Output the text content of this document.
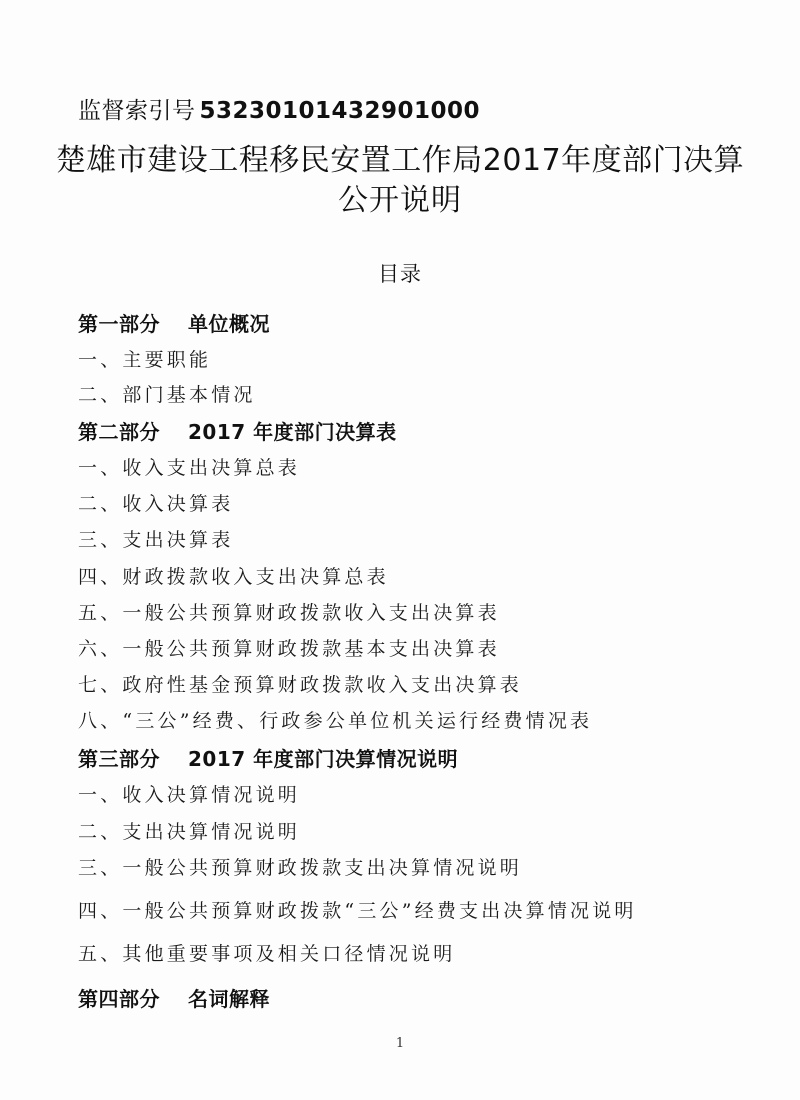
监督索引号 53230101432901000
楚雄市建设工程移民安置工作局2017年度部门决算
公开说明
目录
第一部分 单位概况
一、主要职能
二、部门基本情况
第二部分 2017 年度部门决算表
一、收入支出决算总表
二、收入决算表
三、支出决算表
四、财政拨款收入支出决算总表
五、一般公共预算财政拨款收入支出决算表
六、一般公共预算财政拨款基本支出决算表
七、政府性基金预算财政拨款收入支出决算表
八、“三公”经费、行政参公单位机关运行经费情况表
第三部分 2017 年度部门决算情况说明
一、收入决算情况说明
二、支出决算情况说明
三、一般公共预算财政拨款支出决算情况说明
四、一般公共预算财政拨款“三公”经费支出决算情况说明
五、其他重要事项及相关口径情况说明
第四部分 名词解释
1
